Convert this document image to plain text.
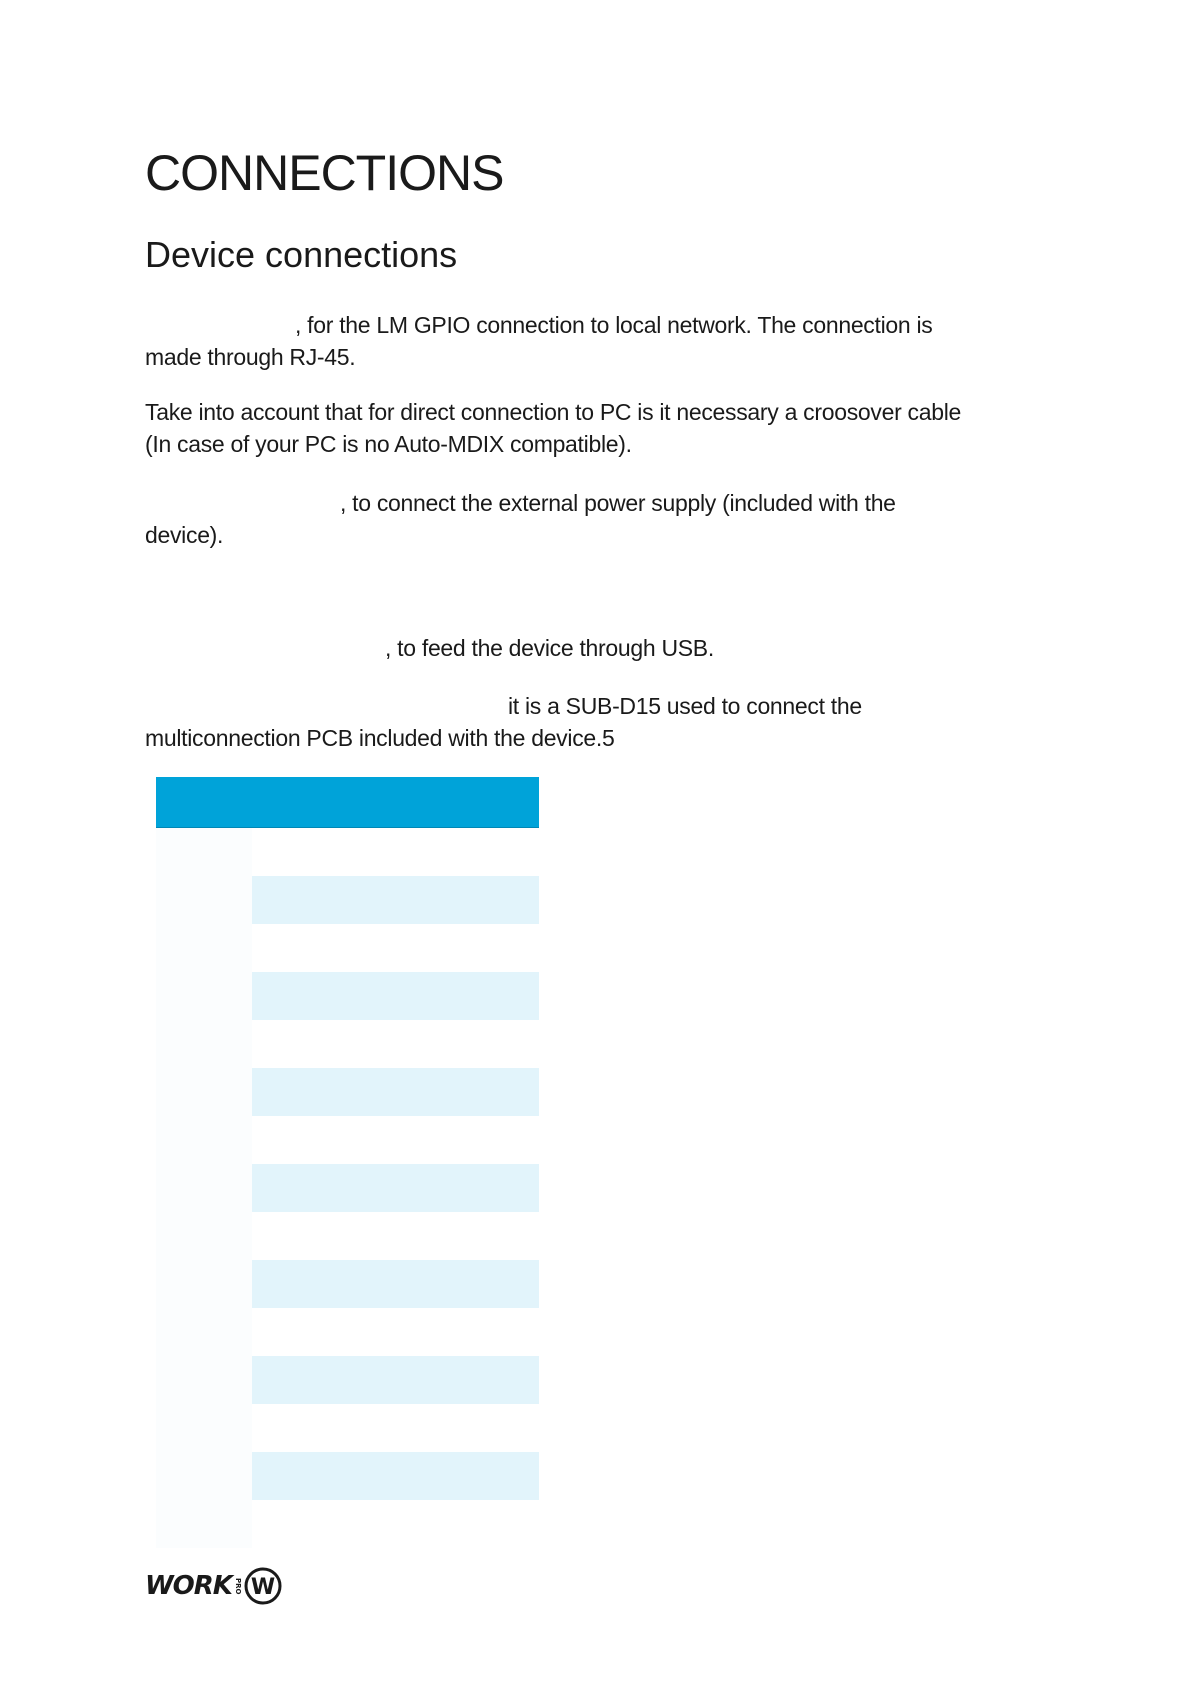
CONNECTIONS
Device connections

, for the LM GPIO connection to local network. The connection is
made through RJ-45.

Take into account that for direct connection to PC is it necessary a croosover cable
(In case of your PC is no Auto-MDIX compatible).

, to connect the external power supply (included with the
device).

, to feed the device through USB.

it is a SUB-D15 used to connect the
multiconnection PCB included with the device.5

WORK PRO W
